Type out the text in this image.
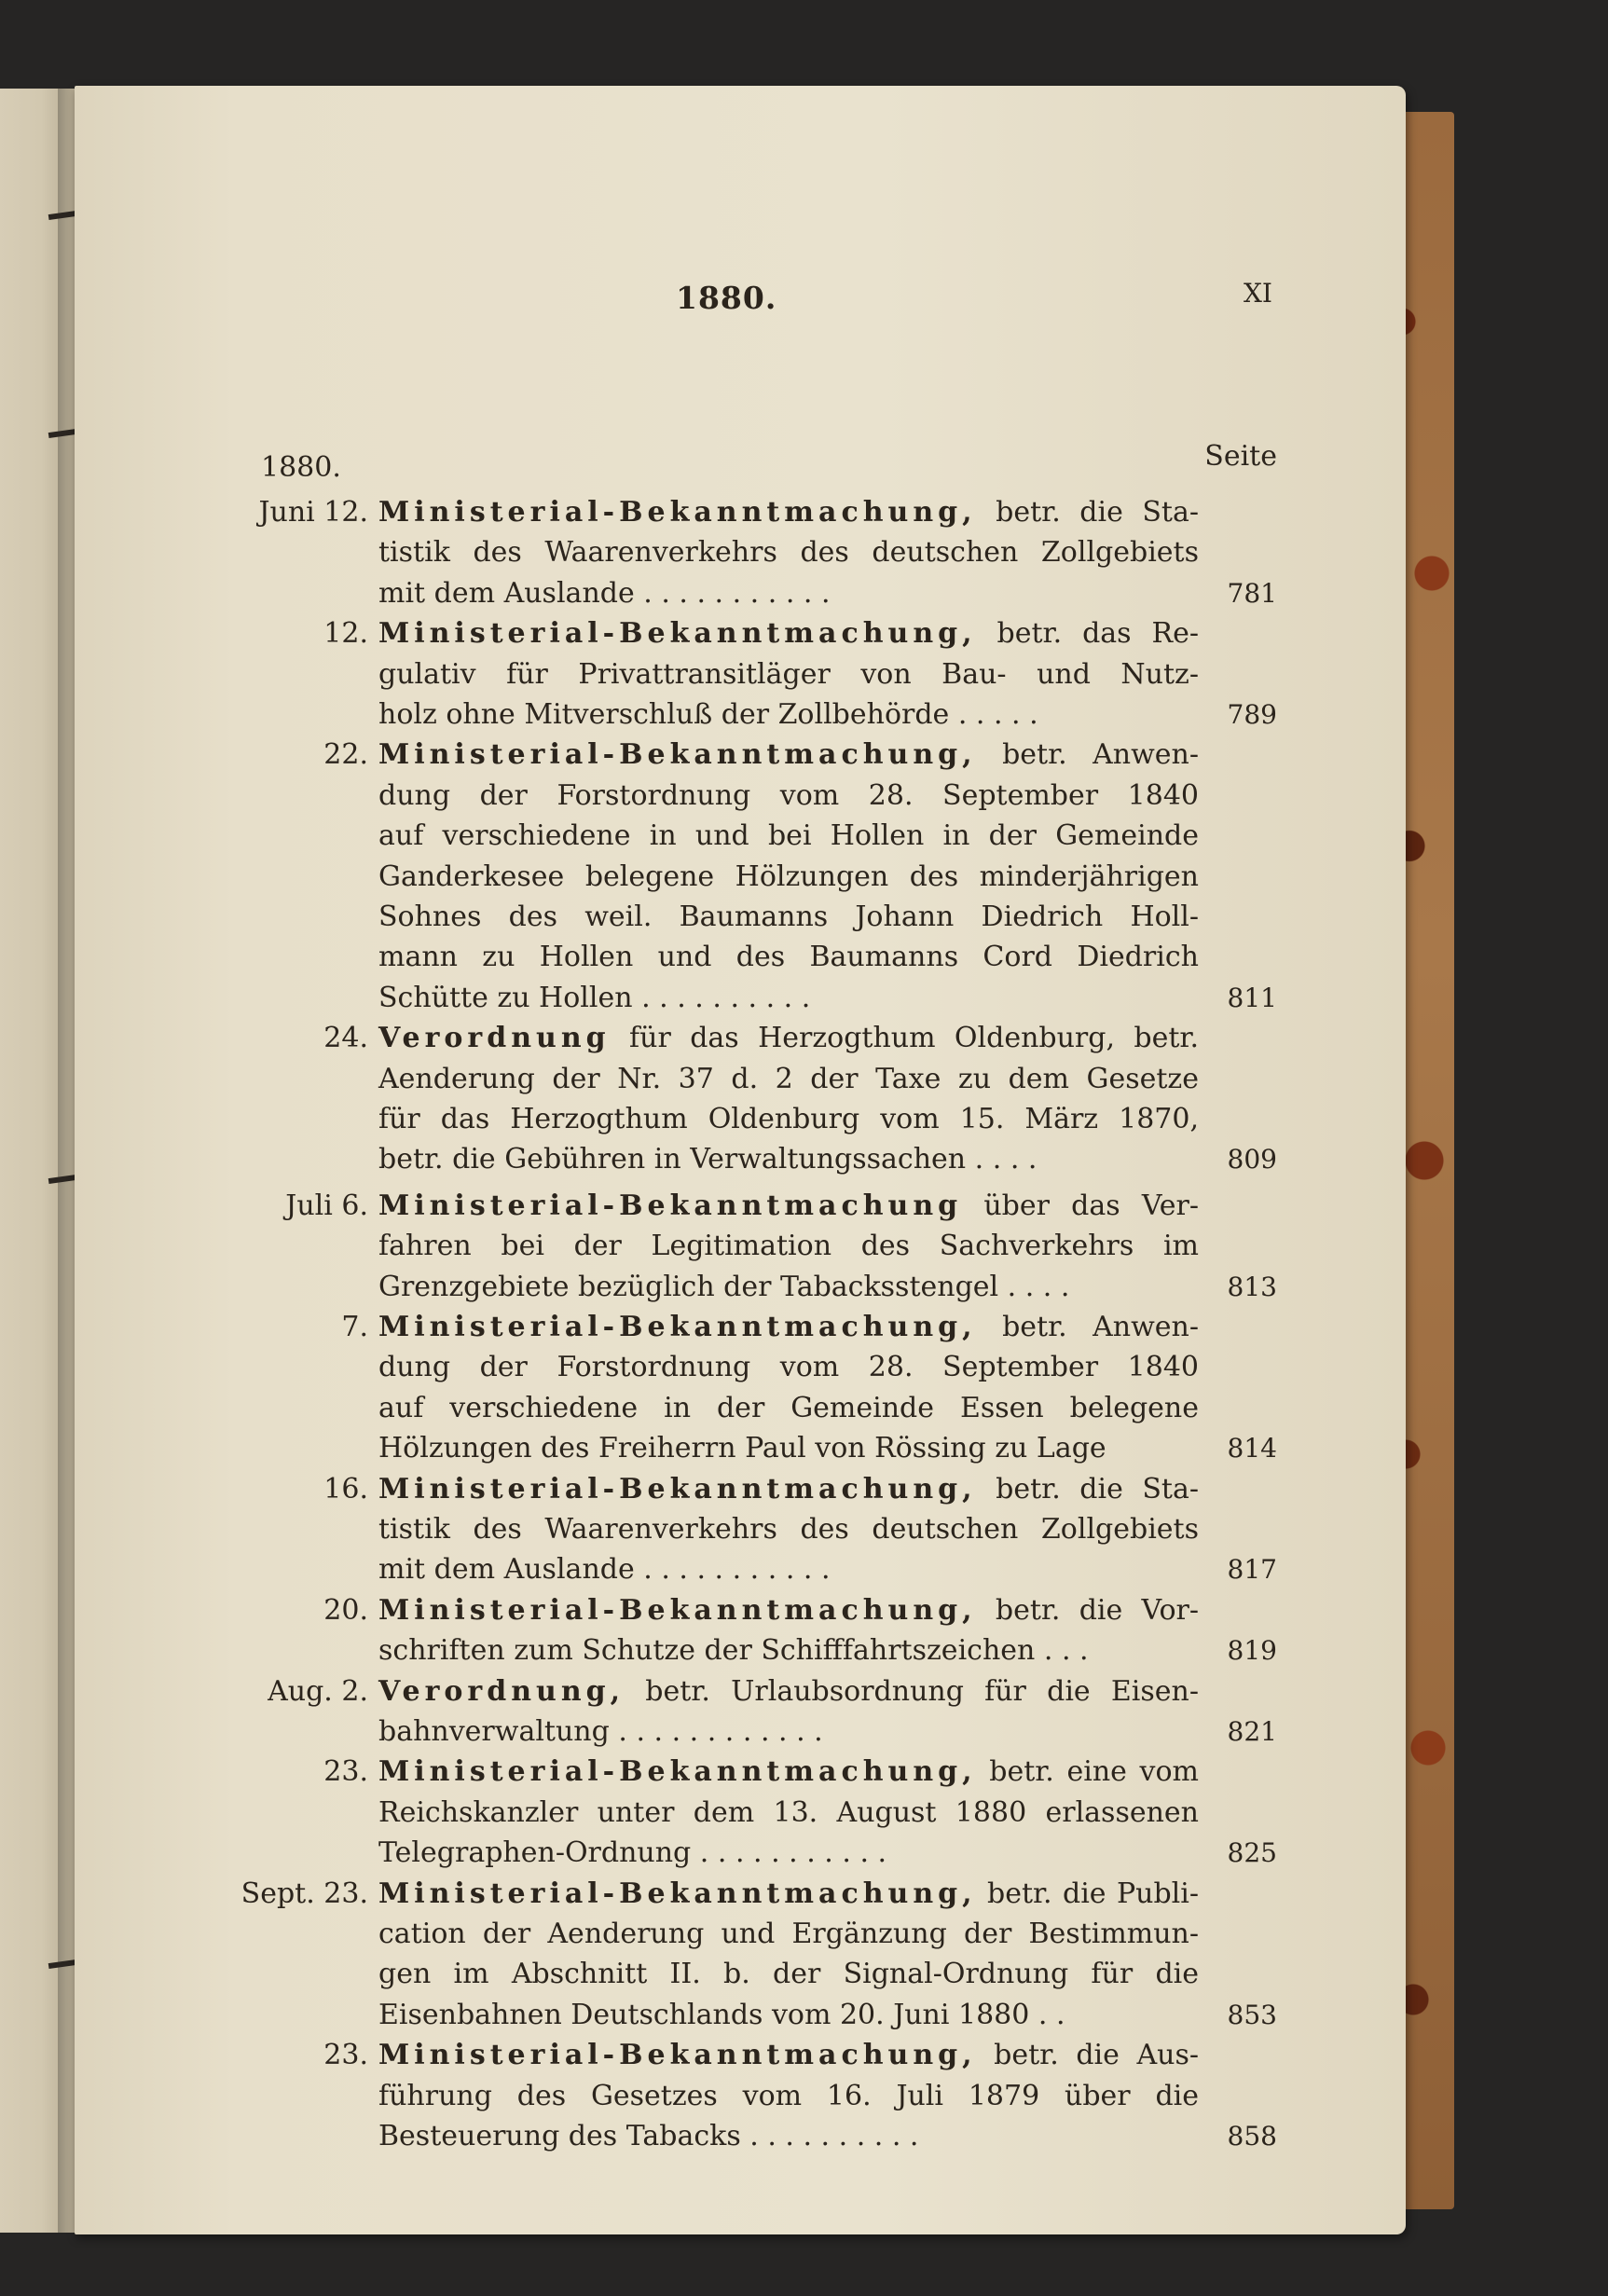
1880.	XI
1880.	Seite
Juni 12. Ministerial-Bekanntmachung, betr. die Sta-
tistik des Waarenverkehrs des deutschen Zollgebiets
mit dem Auslande . . . . . . . . . . .	781
12. Ministerial-Bekanntmachung, betr. das Re-
gulativ für Privattransitläger von Bau- und Nutz-
holz ohne Mitverschluß der Zollbehörde . . . . .	789
22. Ministerial-Bekanntmachung, betr. Anwen-
dung der Forstordnung vom 28. September 1840
auf verschiedene in und bei Hollen in der Gemeinde
Ganderkesee belegene Hölzungen des minderjährigen
Sohnes des weil. Baumanns Johann Diedrich Holl-
mann zu Hollen und des Baumanns Cord Diedrich
Schütte zu Hollen . . . . . . . . . .	811
24. Verordnung für das Herzogthum Oldenburg, betr.
Aenderung der Nr. 37 d. 2 der Taxe zu dem Gesetze
für das Herzogthum Oldenburg vom 15. März 1870,
betr. die Gebühren in Verwaltungssachen . . . .	809
Juli 6. Ministerial-Bekanntmachung über das Ver-
fahren bei der Legitimation des Sachverkehrs im
Grenzgebiete bezüglich der Tabacksstengel . . . .	813
7. Ministerial-Bekanntmachung, betr. Anwen-
dung der Forstordnung vom 28. September 1840
auf verschiedene in der Gemeinde Essen belegene
Hölzungen des Freiherrn Paul von Rössing zu Lage	814
16. Ministerial-Bekanntmachung, betr. die Sta-
tistik des Waarenverkehrs des deutschen Zollgebiets
mit dem Auslande . . . . . . . . . . .	817
20. Ministerial-Bekanntmachung, betr. die Vor-
schriften zum Schutze der Schifffahrtszeichen . . .	819
Aug. 2. Verordnung, betr. Urlaubsordnung für die Eisen-
bahnverwaltung . . . . . . . . . . . .	821
23. Ministerial-Bekanntmachung, betr. eine vom
Reichskanzler unter dem 13. August 1880 erlassenen
Telegraphen-Ordnung . . . . . . . . . . .	825
Sept. 23. Ministerial-Bekanntmachung, betr. die Publi-
cation der Aenderung und Ergänzung der Bestimmun-
gen im Abschnitt II. b. der Signal-Ordnung für die
Eisenbahnen Deutschlands vom 20. Juni 1880 . .	853
23. Ministerial-Bekanntmachung, betr. die Aus-
führung des Gesetzes vom 16. Juli 1879 über die
Besteuerung des Tabacks . . . . . . . . . .	858
